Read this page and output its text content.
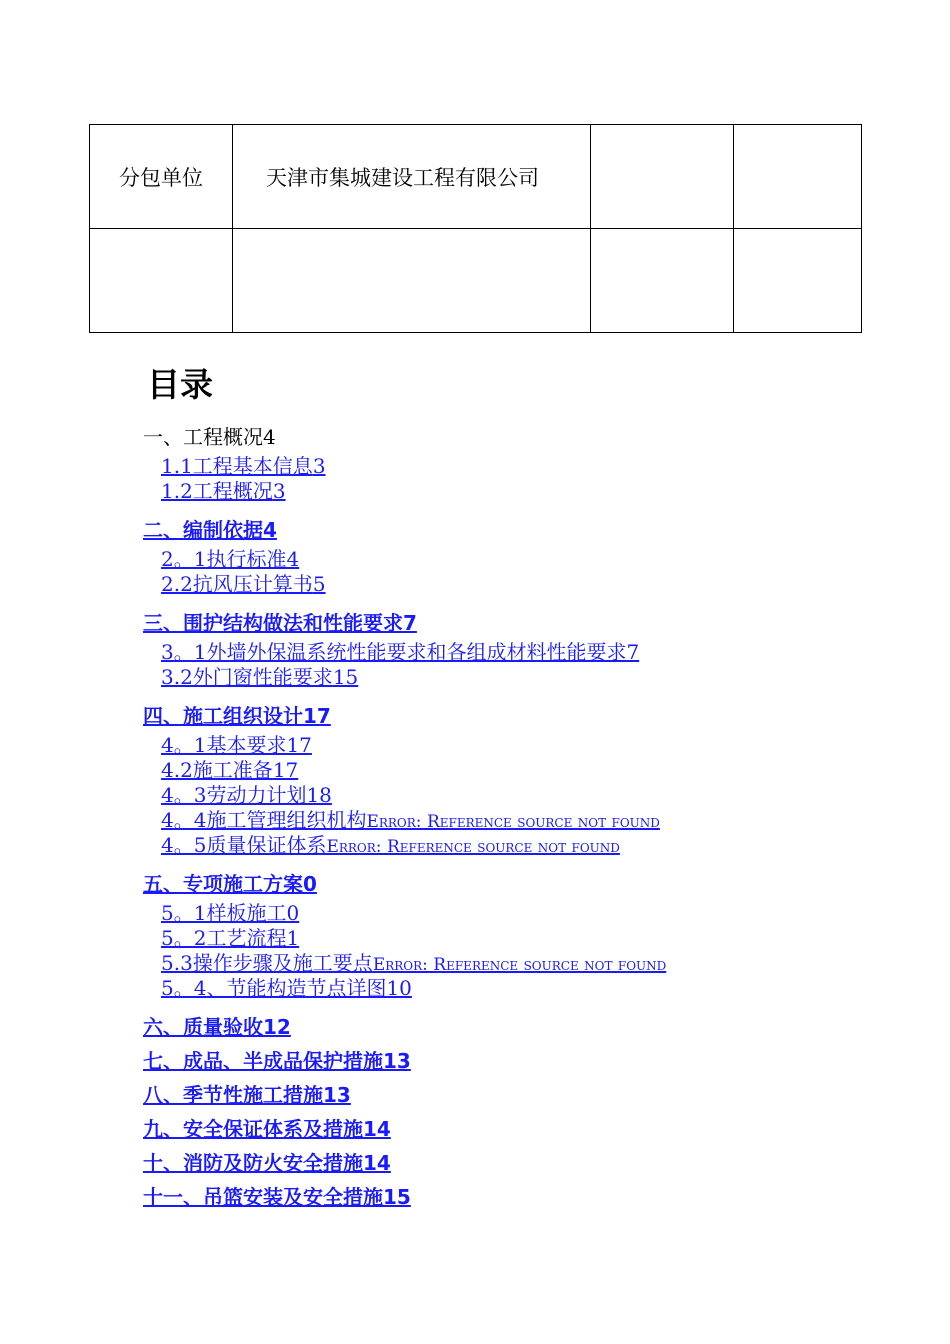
分包单位	天津市集城建设工程有限公司		

目录
一、工程概况4
1.1工程基本信息3
1.2工程概况3
二、编制依据4
2。1执行标准4
2.2抗风压计算书5
三、围护结构做法和性能要求7
3。1外墙外保温系统性能要求和各组成材料性能要求7
3.2外门窗性能要求15
四、施工组织设计17
4。1基本要求17
4.2施工准备17
4。3劳动力计划18
4。4施工管理组织机构Error: Reference source not found
4。5质量保证体系Error: Reference source not found
五、专项施工方案0
5。1样板施工0
5。2工艺流程1
5.3操作步骤及施工要点Error: Reference source not found
5。4、节能构造节点详图10
六、质量验收12
七、成品、半成品保护措施13
八、季节性施工措施13
九、安全保证体系及措施14
十、消防及防火安全措施14
十一、吊篮安装及安全措施15
